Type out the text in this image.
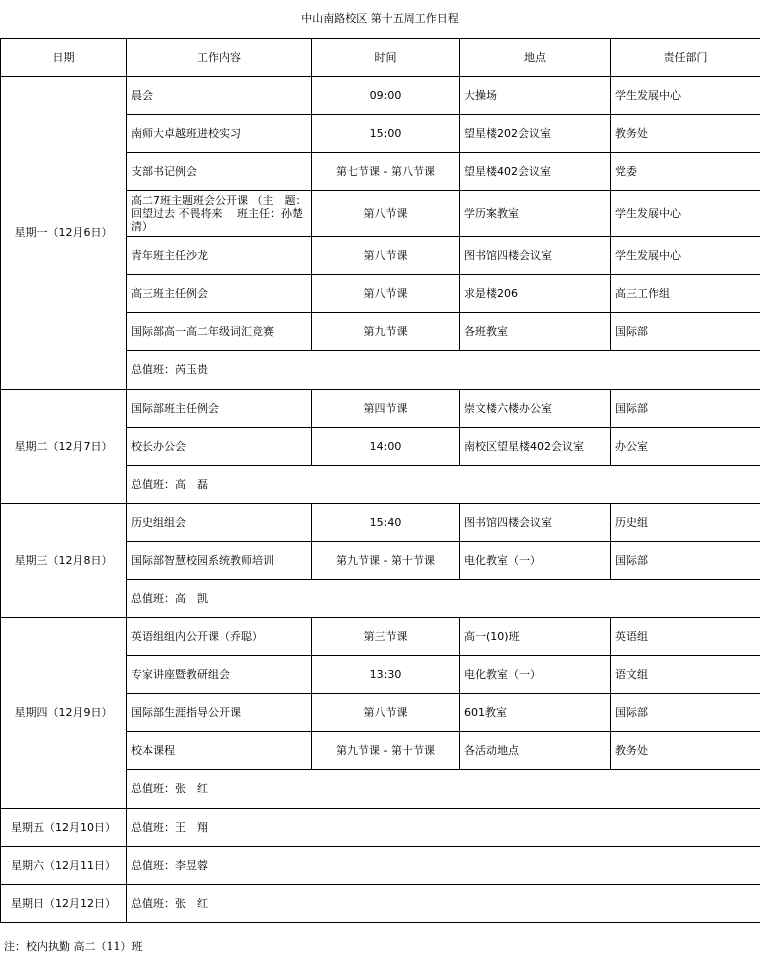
中山南路校区 第十五周工作日程
日期	工作内容	时间	地点	责任部门
星期一（12月6日）	晨会	09:00	大操场	学生发展中心
	南师大卓越班进校实习	15:00	望星楼202会议室	教务处
	支部书记例会	第七节课 - 第八节课	望星楼402会议室	党委
	高二7班主题班会公开课 （主　题：回望过去 不畏将来 　班主任：孙楚清）	第八节课	学历案教室	学生发展中心
	青年班主任沙龙	第八节课	图书馆四楼会议室	学生发展中心
	高三班主任例会	第八节课	求是楼206	高三工作组
	国际部高一高二年级词汇竞赛	第九节课	各班教室	国际部
	总值班：芮玉贵			
星期二（12月7日）	国际部班主任例会	第四节课	崇文楼六楼办公室	国际部
	校长办公会	14:00	南校区望星楼402会议室	办公室
	总值班：高　磊			
星期三（12月8日）	历史组组会	15:40	图书馆四楼会议室	历史组
	国际部智慧校园系统教师培训	第九节课 - 第十节课	电化教室（一）	国际部
	总值班：高　凯			
星期四（12月9日）	英语组组内公开课（乔聪）	第三节课	高一(10)班	英语组
	专家讲座暨教研组会	13:30	电化教室（一）	语文组
	国际部生涯指导公开课	第八节课	601教室	国际部
	校本课程	第九节课 - 第十节课	各活动地点	教务处
	总值班：张　红			
星期五（12月10日）	总值班：王　翔			
星期六（12月11日）	总值班：李昱蓉			
星期日（12月12日）	总值班：张　红			
注：校内执勤 高二（11）班
